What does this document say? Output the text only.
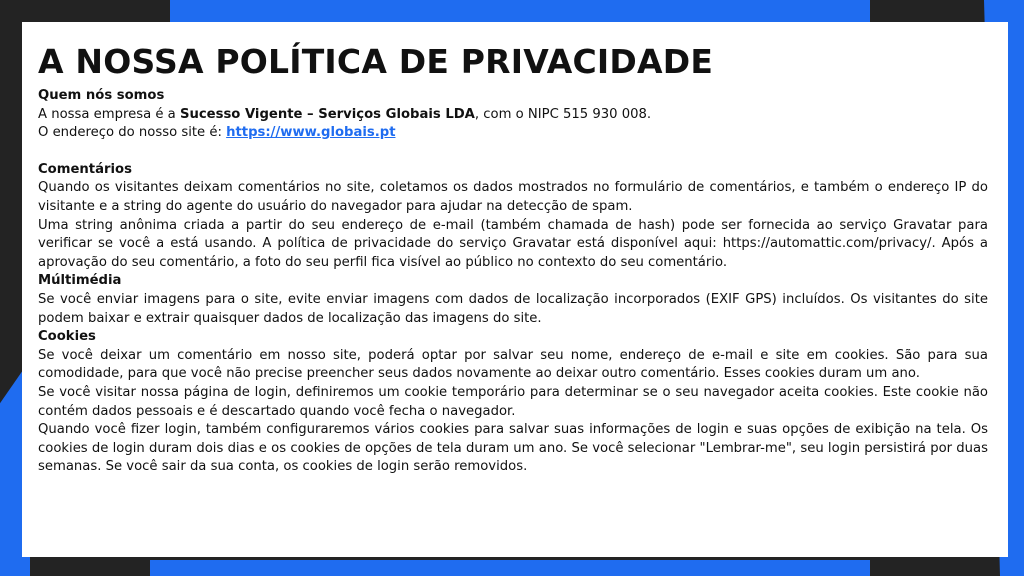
A NOSSA POLÍTICA DE PRIVACIDADE

Quem nós somos

A nossa empresa é a Sucesso Vigente – Serviços Globais LDA, com o NIPC 515 930 008.

O endereço do nosso site é: https://www.globais.pt

Comentários

Quando os visitantes deixam comentários no site, coletamos os dados mostrados no formulário de comentários, e também o endereço IP do visitante e a string do agente do usuário do navegador para ajudar na detecção de spam.

Uma string anônima criada a partir do seu endereço de e-mail (também chamada de hash) pode ser fornecida ao serviço Gravatar para verificar se você a está usando. A política de privacidade do serviço Gravatar está disponível aqui: https://automattic.com/privacy/. Após a aprovação do seu comentário, a foto do seu perfil fica visível ao público no contexto do seu comentário.

Múltimédia

Se você enviar imagens para o site, evite enviar imagens com dados de localização incorporados (EXIF GPS) incluídos. Os visitantes do site podem baixar e extrair quaisquer dados de localização das imagens do site.

Cookies

Se você deixar um comentário em nosso site, poderá optar por salvar seu nome, endereço de e-mail e site em cookies. São para sua comodidade, para que você não precise preencher seus dados novamente ao deixar outro comentário. Esses cookies duram um ano.

Se você visitar nossa página de login, definiremos um cookie temporário para determinar se o seu navegador aceita cookies. Este cookie não contém dados pessoais e é descartado quando você fecha o navegador.

Quando você fizer login, também configuraremos vários cookies para salvar suas informações de login e suas opções de exibição na tela. Os cookies de login duram dois dias e os cookies de opções de tela duram um ano. Se você selecionar "Lembrar-me", seu login persistirá por duas semanas. Se você sair da sua conta, os cookies de login serão removidos.
